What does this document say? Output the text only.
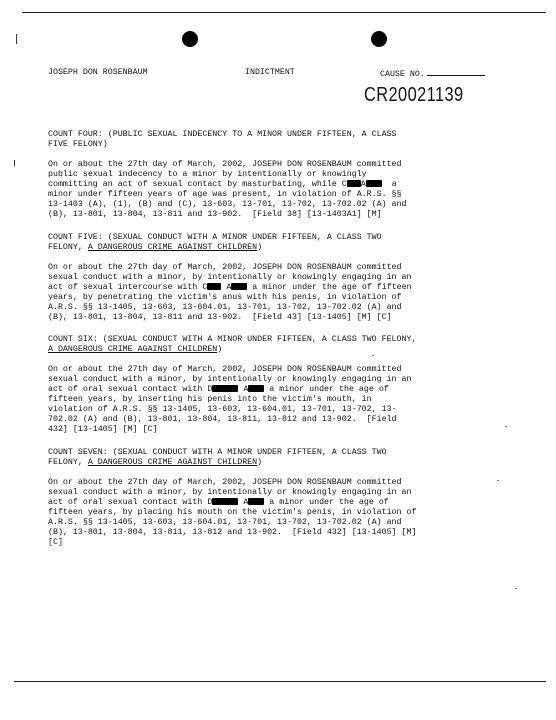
JOSEPH DON ROSENBAUM	INDICTMENT	CAUSE NO.
CR20021139
COUNT FOUR: (PUBLIC SEXUAL INDECENCY TO A MINOR UNDER FIFTEEN, A CLASS
FIVE FELONY)
On or about the 27th day of March, 2002, JOSEPH DON ROSENBAUM committed
public sexual indecency to a minor by intentionally or knowingly
committing an act of sexual contact by masturbating, while C A	a
minor under fifteen years of age was present, in violation of A.R.S. §§
13-1403 (A), (1), (B) and (C), 13-603, 13-701, 13-702, 13-702.02 (A) and
(B), 13-801, 13-804, 13-811 and 13-902.  [Field 38] [13-1403A1] [M]
COUNT FIVE: (SEXUAL CONDUCT WITH A MINOR UNDER FIFTEEN, A CLASS TWO
FELONY, A DANGEROUS CRIME AGAINST CHILDREN)
On or about the 27th day of March, 2002, JOSEPH DON ROSENBAUM committed
sexual conduct with a minor, by intentionally or knowingly engaging in an
act of sexual intercourse with C A	a minor under the age of fifteen
years, by penetrating the victim's anus with his penis, in violation of
A.R.S. §§ 13-1405, 13-603, 13-604.01, 13-701, 13-702, 13-702.02 (A) and
(B), 13-801, 13-804, 13-811 and 13-902.  [Field 43] [13-1405] [M] [C]
COUNT SIX: (SEXUAL CONDUCT WITH A MINOR UNDER FIFTEEN, A CLASS TWO FELONY,
A DANGEROUS CRIME AGAINST CHILDREN)
On or about the 27th day of March, 2002, JOSEPH DON ROSENBAUM committed
sexual conduct with a minor, by intentionally or knowingly engaging in an
act of oral sexual contact with D	A	a minor under the age of
fifteen years, by inserting his penis into the victim's mouth, in
violation of A.R.S. §§ 13-1405, 13-603, 13-604.01, 13-701, 13-702, 13-
702.02 (A) and (B), 13-801, 13-804, 13-811, 13-812 and 13-902.  [Field
432] [13-1405] [M] [C]
COUNT SEVEN: (SEXUAL CONDUCT WITH A MINOR UNDER FIFTEEN, A CLASS TWO
FELONY, A DANGEROUS CRIME AGAINST CHILDREN)
On or about the 27th day of March, 2002, JOSEPH DON ROSENBAUM committed
sexual conduct with a minor, by intentionally or knowingly engaging in an
act of oral sexual contact with D	A	a minor under the age of
fifteen years, by placing his mouth on the victim's penis, in violation of
A.R.S. §§ 13-1405, 13-603, 13-604.01, 13-701, 13-702, 13-702.02 (A) and
(B), 13-801, 13-804, 13-811, 13-812 and 13-902.  [Field 432] [13-1405] [M]
[C]
